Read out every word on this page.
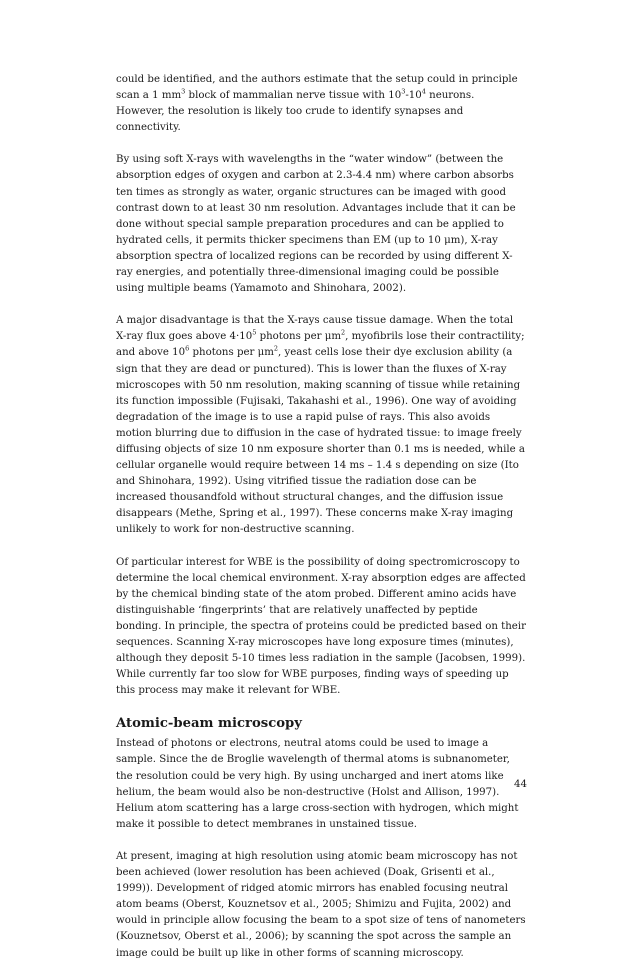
could be identified, and the authors estimate that the setup could in principle scan a 1 $mm^3$ block of mammalian nerve tissue with $10^3-10^4$ neurons. However, the resolution is likely too crude to identify synapses and connectivity.

By using soft X-rays with wavelengths in the “water window” (between the absorption edges of oxygen and carbon at 2.3-4.4 nm) where carbon absorbs ten times as strongly as water, organic structures can be imaged with good contrast down to at least 30 nm resolution. Advantages include that it can be done without special sample preparation procedures and can be applied to hydrated cells, it permits thicker specimens than EM (up to 10 μm), X-ray absorption spectra of localized regions can be recorded by using different X-ray energies, and potentially three-dimensional imaging could be possible using multiple beams (Yamamoto and Shinohara, 2002).

A major disadvantage is that the X-rays cause tissue damage. When the total X-ray flux goes above $4\cdot 10^5$ photons per $\mu m^2$, myofibrils lose their contractility; and above $10^6$ photons per $\mu m^2$, yeast cells lose their dye exclusion ability (a sign that they are dead or punctured). This is lower than the fluxes of X-ray microscopes with 50 nm resolution, making scanning of tissue while retaining its function impossible (Fujisaki, Takahashi et al., 1996). One way of avoiding degradation of the image is to use a rapid pulse of rays. This also avoids motion blurring due to diffusion in the case of hydrated tissue: to image freely diffusing objects of size 10 nm exposure shorter than 0.1 ms is needed, while a cellular organelle would require between 14 ms – 1.4 s depending on size (Ito and Shinohara, 1992). Using vitrified tissue the radiation dose can be increased thousandfold without structural changes, and the diffusion issue disappears (Methe, Spring et al., 1997). These concerns make X-ray imaging unlikely to work for non-destructive scanning.

Of particular interest for WBE is the possibility of doing spectromicroscopy to determine the local chemical environment. X-ray absorption edges are affected by the chemical binding state of the atom probed. Different amino acids have distinguishable ‘fingerprints’ that are relatively unaffected by peptide bonding. In principle, the spectra of proteins could be predicted based on their sequences. Scanning X-ray microscopes have long exposure times (minutes), although they deposit 5-10 times less radiation in the sample (Jacobsen, 1999). While currently far too slow for WBE purposes, finding ways of speeding up this process may make it relevant for WBE.

Atomic-beam microscopy

Instead of photons or electrons, neutral atoms could be used to image a sample. Since the de Broglie wavelength of thermal atoms is subnanometer, the resolution could be very high. By using uncharged and inert atoms like helium, the beam would also be non-destructive (Holst and Allison, 1997). Helium atom scattering has a large cross-section with hydrogen, which might make it possible to detect membranes in unstained tissue.

At present, imaging at high resolution using atomic beam microscopy has not been achieved (lower resolution has been achieved (Doak, Grisenti et al., 1999)). Development of ridged atomic mirrors has enabled focusing neutral atom beams (Oberst, Kouznetsov et al., 2005; Shimizu and Fujita, 2002) and would in principle allow focusing the beam to a spot size of tens of nanometers (Kouznetsov, Oberst et al., 2006); by scanning the spot across the sample an image could be built up like in other forms of scanning microscopy.

44
